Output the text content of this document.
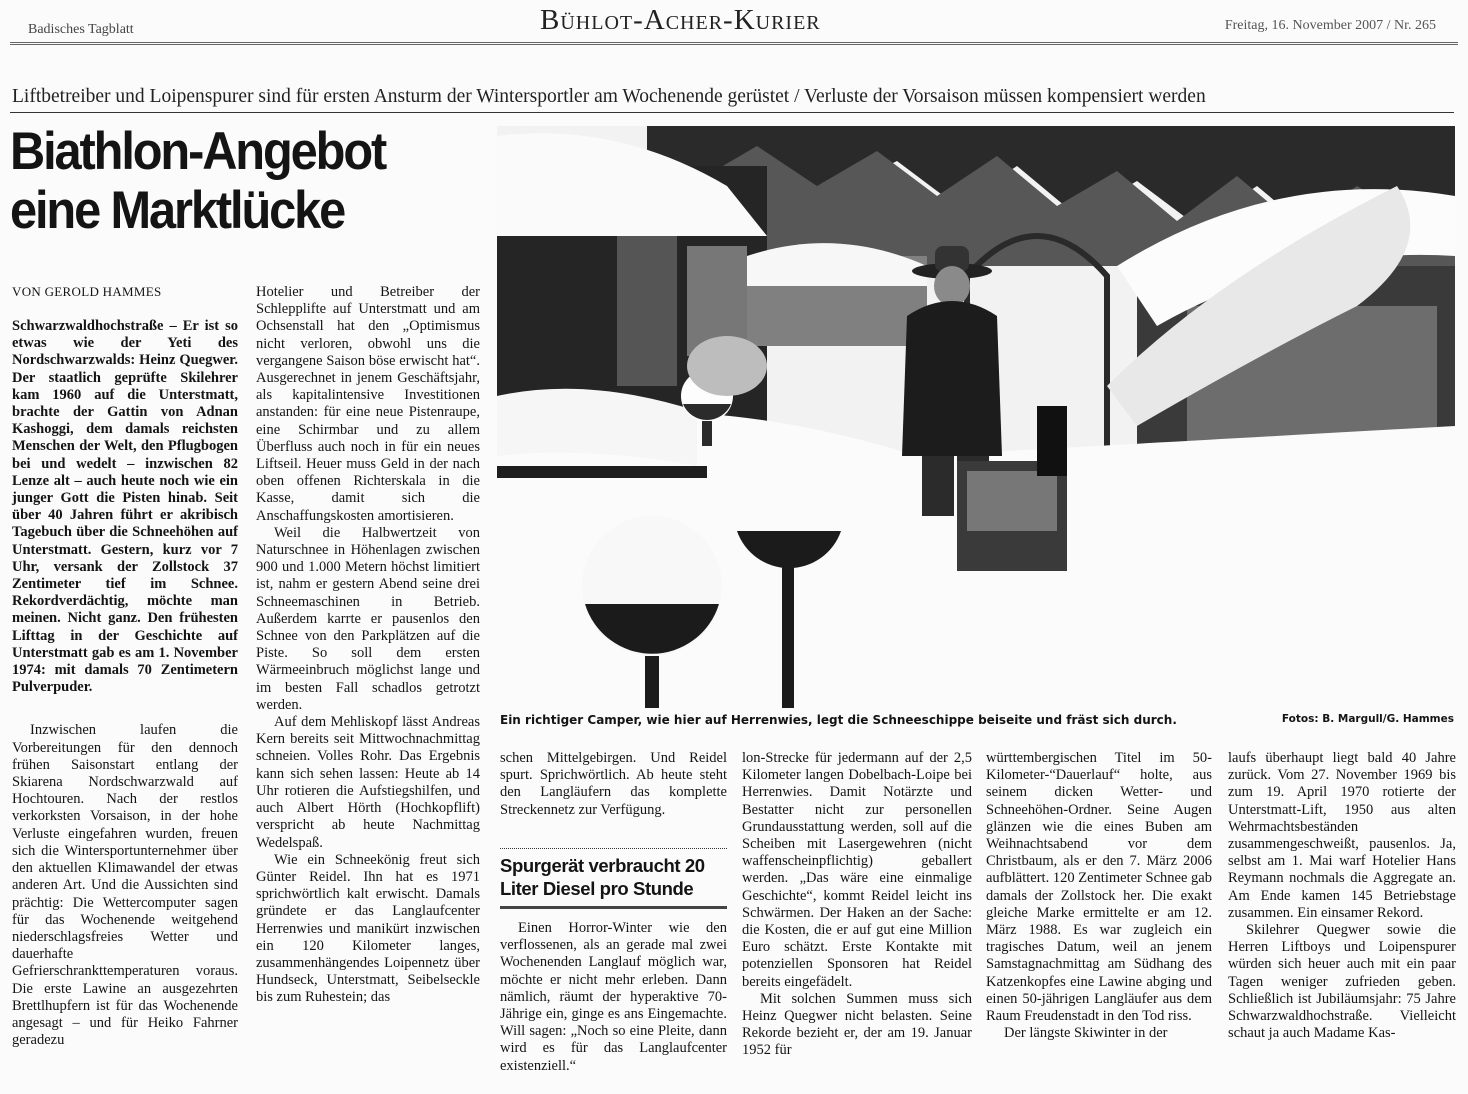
Badisches Tagblatt	Bühlot-Acher-Kurier	Freitag, 16. November 2007 / Nr. 265
Liftbetreiber und Loipenspurer sind für ersten Ansturm der Wintersportler am Wochenende gerüstet / Verluste der Vorsaison müssen kompensiert werden
Biathlon-Angebot
eine Marktlücke
VON GEROLD HAMMES

Schwarzwaldhochstraße – Er ist so etwas wie der Yeti des Nordschwarzwalds: Heinz Quegwer. Der staatlich geprüfte Skilehrer kam 1960 auf die Unterstmatt, brachte der Gattin von Adnan Kashoggi, dem damals reichsten Menschen der Welt, den Pflugbogen bei und wedelt – inzwischen 82 Lenze alt – auch heute noch wie ein junger Gott die Pisten hinab. Seit über 40 Jahren führt er akribisch Tagebuch über die Schneehöhen auf Unterstmatt. Gestern, kurz vor 7 Uhr, versank der Zollstock 37 Zentimeter tief im Schnee. Rekordverdächtig, möchte man meinen. Nicht ganz. Den frühesten Lifttag in der Geschichte auf Unterstmatt gab es am 1. November 1974: mit damals 70 Zentimetern Pulverpuder.

Inzwischen laufen die Vorbereitungen für den dennoch frühen Saisonstart entlang der Skiarena Nordschwarzwald auf Hochtouren. Nach der restlos verkorksten Vorsaison, in der hohe Verluste eingefahren wurden, freuen sich die Wintersportunternehmer über den aktuellen Klimawandel der etwas anderen Art. Und die Aussichten sind prächtig: Die Wettercomputer sagen für das Wochenende weitgehend niederschlagsfreies Wetter und dauerhafte Gefrierschrankttemperaturen voraus. Die erste Lawine an ausgezehrten Brettlhupfern ist für das Wochenende angesagt – und für Heiko Fahrner geradezu

Hotelier und Betreiber der Schlepplifte auf Unterstmatt und am Ochsenstall hat den „Optimismus nicht verloren, obwohl uns die vergangene Saison böse erwischt hat“. Ausgerechnet in jenem Geschäftsjahr, als kapitalintensive Investitionen anstanden: für eine neue Pistenraupe, eine Schirmbar und zu allem Überfluss auch noch in für ein neues Liftseil. Heuer muss Geld in der nach oben offenen Richterskala in die Kasse, damit sich die Anschaffungskosten amortisieren.

Weil die Halbwertzeit von Naturschnee in Höhenlagen zwischen 900 und 1.000 Metern höchst limitiert ist, nahm er gestern Abend seine drei Schneemaschinen in Betrieb. Außerdem karrte er pausenlos den Schnee von den Parkplätzen auf die Piste. So soll dem ersten Wärmeeinbruch möglichst lange und im besten Fall schadlos getrotzt werden.

Auf dem Mehliskopf lässt Andreas Kern bereits seit Mittwochnachmittag schneien. Volles Rohr. Das Ergebnis kann sich sehen lassen: Heute ab 14 Uhr rotieren die Aufstiegshilfen, und auch Albert Hörth (Hochkopflift) verspricht ab heute Nachmittag Wedelspaß.

Wie ein Schneekönig freut sich Günter Reidel. Ihn hat es 1971 sprichwörtlich kalt erwischt. Damals gründete er das Langlaufcenter Herrenwies und manikürt inzwischen ein 120 Kilometer langes, zusammenhängendes Loipennetz über Hundseck, Unterstmatt, Seibelseckle bis zum Ruhestein; das

Ein richtiger Camper, wie hier auf Herrenwies, legt die Schneeschippe beiseite und fräst sich durch.	Fotos: B. Margull/G. Hammes

schen Mittelgebirgen. Und Reidel spurt. Sprichwörtlich. Ab heute steht den Langläufern das komplette Streckennetz zur Verfügung.

Spurgerät verbraucht 20 Liter Diesel pro Stunde

Einen Horror-Winter wie den verflossenen, als an gerade mal zwei Wochenenden Langlauf möglich war, möchte er nicht mehr erleben. Dann nämlich, räumt der hyperaktive 70-Jährige ein, ginge es ans Eingemachte. Will sagen: „Noch so eine Pleite, dann wird es für das Langlaufcenter existenziell.“

lon-Strecke für jedermann auf der 2,5 Kilometer langen Dobelbach-Loipe bei Herrenwies. Damit Notärzte und Bestatter nicht zur personellen Grundausstattung werden, soll auf die Scheiben mit Lasergewehren (nicht waffenscheinpflichtig) geballert werden. „Das wäre eine einmalige Geschichte“, kommt Reidel leicht ins Schwärmen. Der Haken an der Sache: die Kosten, die er auf gut eine Million Euro schätzt. Erste Kontakte mit potenziellen Sponsoren hat Reidel bereits eingefädelt.

Mit solchen Summen muss sich Heinz Quegwer nicht belasten. Seine Rekorde bezieht er, der am 19. Januar 1952 für

württembergischen Titel im 50-Kilometer-“Dauerlauf“ holte, aus seinem dicken Wetter- und Schneehöhen-Ordner. Seine Augen glänzen wie die eines Buben am Weihnachtsabend vor dem Christbaum, als er den 7. März 2006 aufblättert. 120 Zentimeter Schnee gab damals der Zollstock her. Die exakt gleiche Marke ermittelte er am 12. März 1988. Es war zugleich ein tragisches Datum, weil an jenem Samstagnachmittag am Südhang des Katzenkopfes eine Lawine abging und einen 50-jährigen Langläufer aus dem Raum Freudenstadt in den Tod riss.

Der längste Skiwinter in der

laufs überhaupt liegt bald 40 Jahre zurück. Vom 27. November 1969 bis zum 19. April 1970 rotierte der Unterstmatt-Lift, 1950 aus alten Wehrmachtsbeständen zusammengeschweißt, pausenlos. Ja, selbst am 1. Mai warf Hotelier Hans Reymann nochmals die Aggregate an. Am Ende kamen 145 Betriebstage zusammen. Ein einsamer Rekord.

Skilehrer Quegwer sowie die Herren Liftboys und Loipenspurer würden sich heuer auch mit ein paar Tagen weniger zufrieden geben. Schließlich ist Jubiläumsjahr: 75 Jahre Schwarzwaldhochstraße. Vielleicht schaut ja auch Madame Kas-
